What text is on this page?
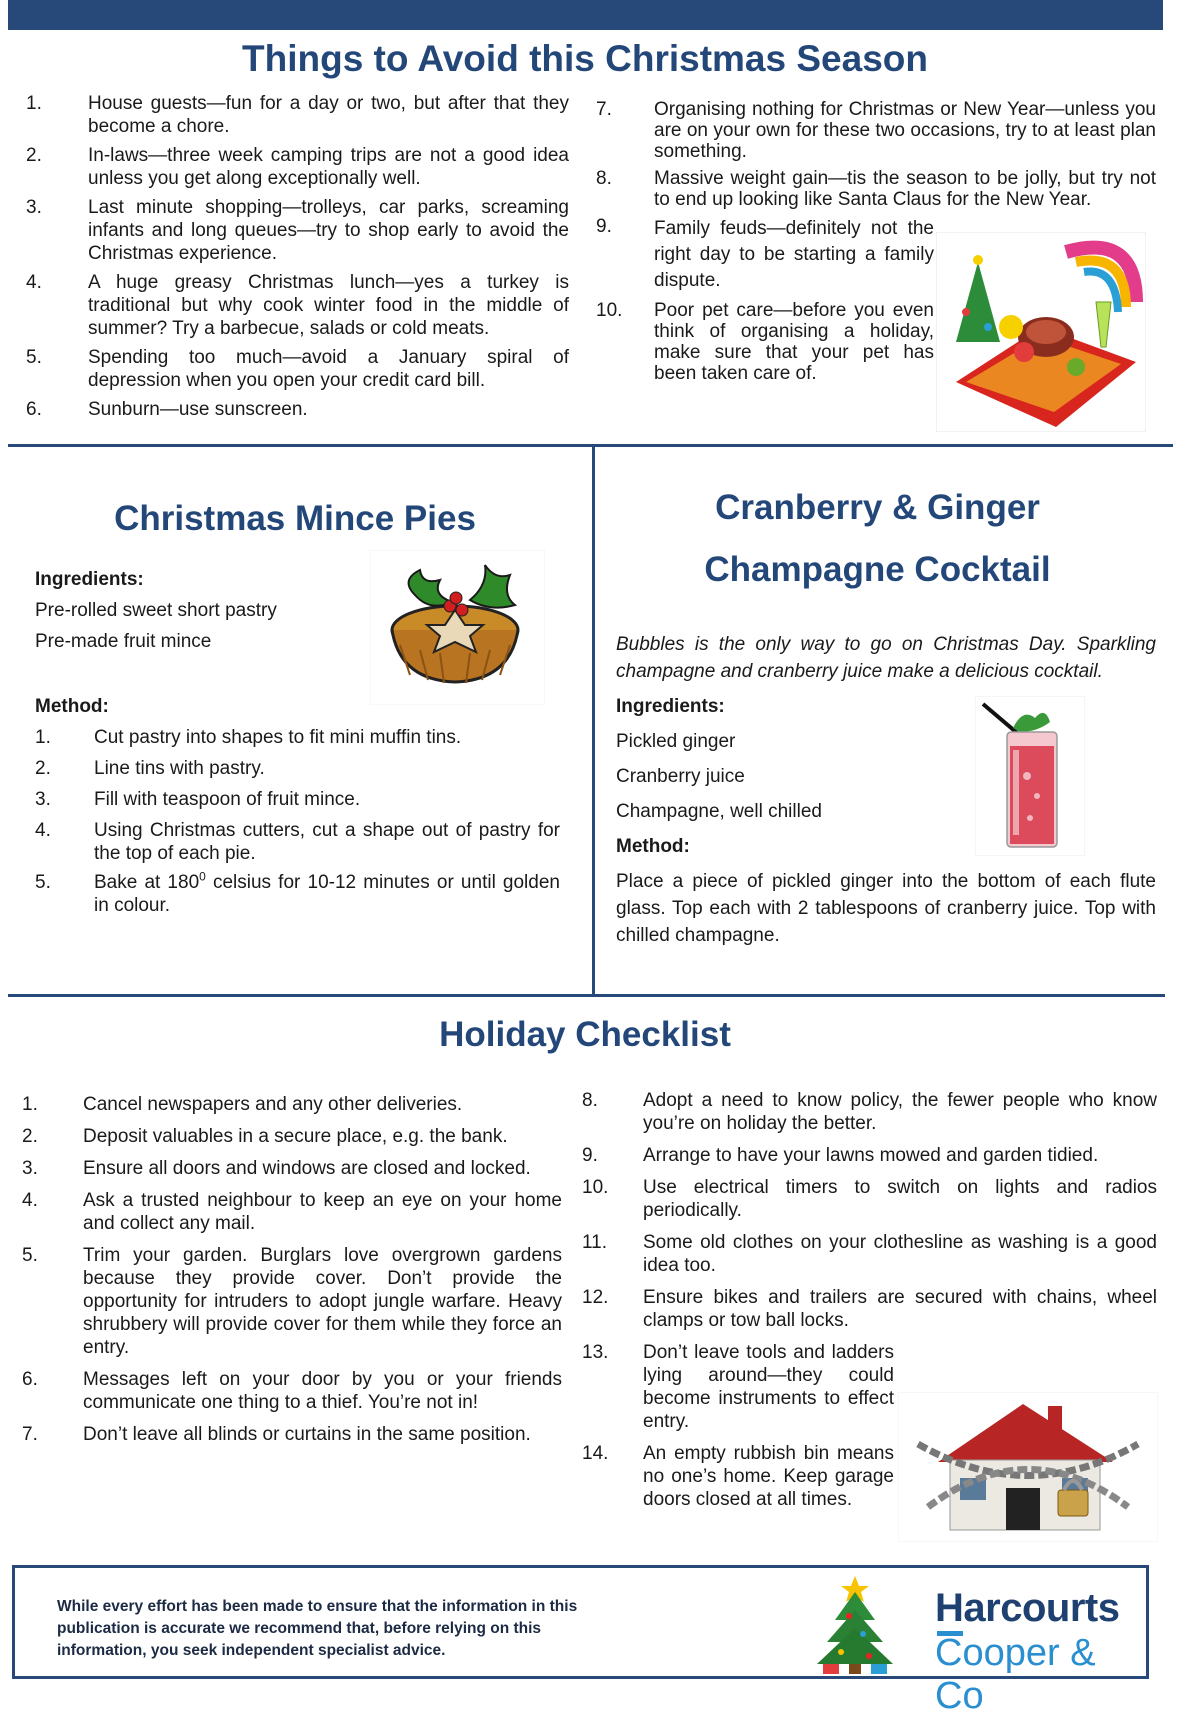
Things to Avoid this Christmas Season
1.	House guests—fun for a day or two, but after that they become a chore.
2.	In-laws—three week camping trips are not a good idea unless you get along exceptionally well.
3.	Last minute shopping—trolleys, car parks, screaming infants and long queues—try to shop early to avoid the Christmas experience.
4.	A huge greasy Christmas lunch—yes a turkey is traditional but why cook winter food in the middle of summer? Try a barbecue, salads or cold meats.
5.	Spending too much—avoid a January spiral of depression when you open your credit card bill.
6.	Sunburn—use sunscreen.
7.	Organising nothing for Christmas or New Year—unless you are on your own for these two occasions, try to at least plan something.
8.	Massive weight gain—tis the season to be jolly, but try not to end up looking like Santa Claus for the New Year.
9.	Family feuds—definitely not the right day to be starting a family dispute.
10.	Poor pet care—before you even think of organising a holiday, make sure that your pet has been taken care of.
Christmas Mince Pies
Ingredients:
Pre-rolled sweet short pastry
Pre-made fruit mince
Method:
1.	Cut pastry into shapes to fit mini muffin tins.
2.	Line tins with pastry.
3.	Fill with teaspoon of fruit mince.
4.	Using Christmas cutters, cut a shape out of pastry for the top of each pie.
5.	Bake at $180^0$ celsius for 10-12 minutes or until golden in colour.
Cranberry & Ginger
Champagne Cocktail
Bubbles is the only way to go on Christmas Day. Sparkling champagne and cranberry juice make a delicious cocktail.
Ingredients:
Pickled ginger
Cranberry juice
Champagne, well chilled
Method:
Place a piece of pickled ginger into the bottom of each flute glass. Top each with 2 tablespoons of cranberry juice. Top with chilled champagne.
Holiday Checklist
1.	Cancel newspapers and any other deliveries.
2.	Deposit valuables in a secure place, e.g. the bank.
3.	Ensure all doors and windows are closed and locked.
4.	Ask a trusted neighbour to keep an eye on your home and collect any mail.
5.	Trim your garden. Burglars love overgrown gardens because they provide cover. Don’t provide the opportunity for intruders to adopt jungle warfare. Heavy shrubbery will provide cover for them while they force an entry.
6.	Messages left on your door by you or your friends communicate one thing to a thief. You’re not in!
7.	Don’t leave all blinds or curtains in the same position.
8.	Adopt a need to know policy, the fewer people who know you’re on holiday the better.
9.	Arrange to have your lawns mowed and garden tidied.
10.	Use electrical timers to switch on lights and radios periodically.
11.	Some old clothes on your clothesline as washing is a good idea too.
12.	Ensure bikes and trailers are secured with chains, wheel clamps or tow ball locks.
13.	Don’t leave tools and ladders lying around—they could become instruments to effect entry.
14.	An empty rubbish bin means no one’s home. Keep garage doors closed at all times.
While every effort has been made to ensure that the information in this publication is accurate we recommend that, before relying on this information, you seek independent specialist advice.
Harcourts
Cooper & Co
